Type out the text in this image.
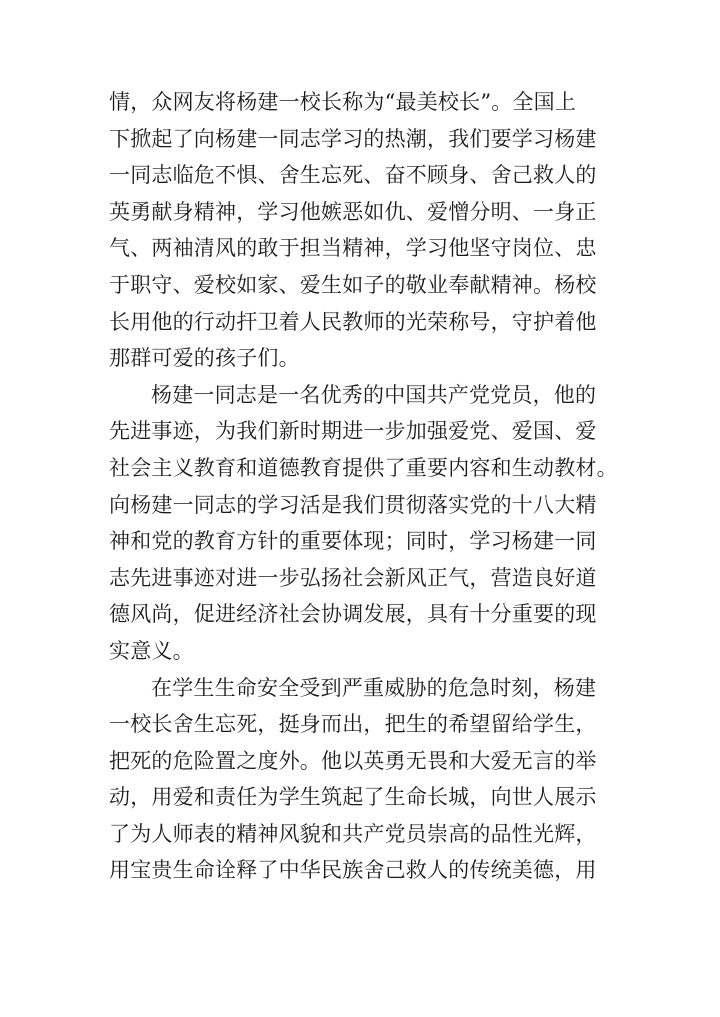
情，众网友将杨建一校长称为“最美校长”。全国上
下掀起了向杨建一同志学习的热潮，我们要学习杨建
一同志临危不惧、舍生忘死、奋不顾身、舍己救人的
英勇献身精神，学习他嫉恶如仇、爱憎分明、一身正
气、两袖清风的敢于担当精神，学习他坚守岗位、忠
于职守、爱校如家、爱生如子的敬业奉献精神。杨校
长用他的行动扞卫着人民教师的光荣称号，守护着他
那群可爱的孩子们。
杨建一同志是一名优秀的中国共产党党员，他的
先进事迹，为我们新时期进一步加强爱党、爱国、爱
社会主义教育和道德教育提供了重要内容和生动教材。
向杨建一同志的学习活是我们贯彻落实党的十八大精
神和党的教育方针的重要体现；同时，学习杨建一同
志先进事迹对进一步弘扬社会新风正气，营造良好道
德风尚，促进经济社会协调发展，具有十分重要的现
实意义。
在学生生命安全受到严重威胁的危急时刻，杨建
一校长舍生忘死，挺身而出，把生的希望留给学生，
把死的危险置之度外。他以英勇无畏和大爱无言的举
动，用爱和责任为学生筑起了生命长城，向世人展示
了为人师表的精神风貌和共产党员崇高的品性光辉，
用宝贵生命诠释了中华民族舍己救人的传统美德，用
